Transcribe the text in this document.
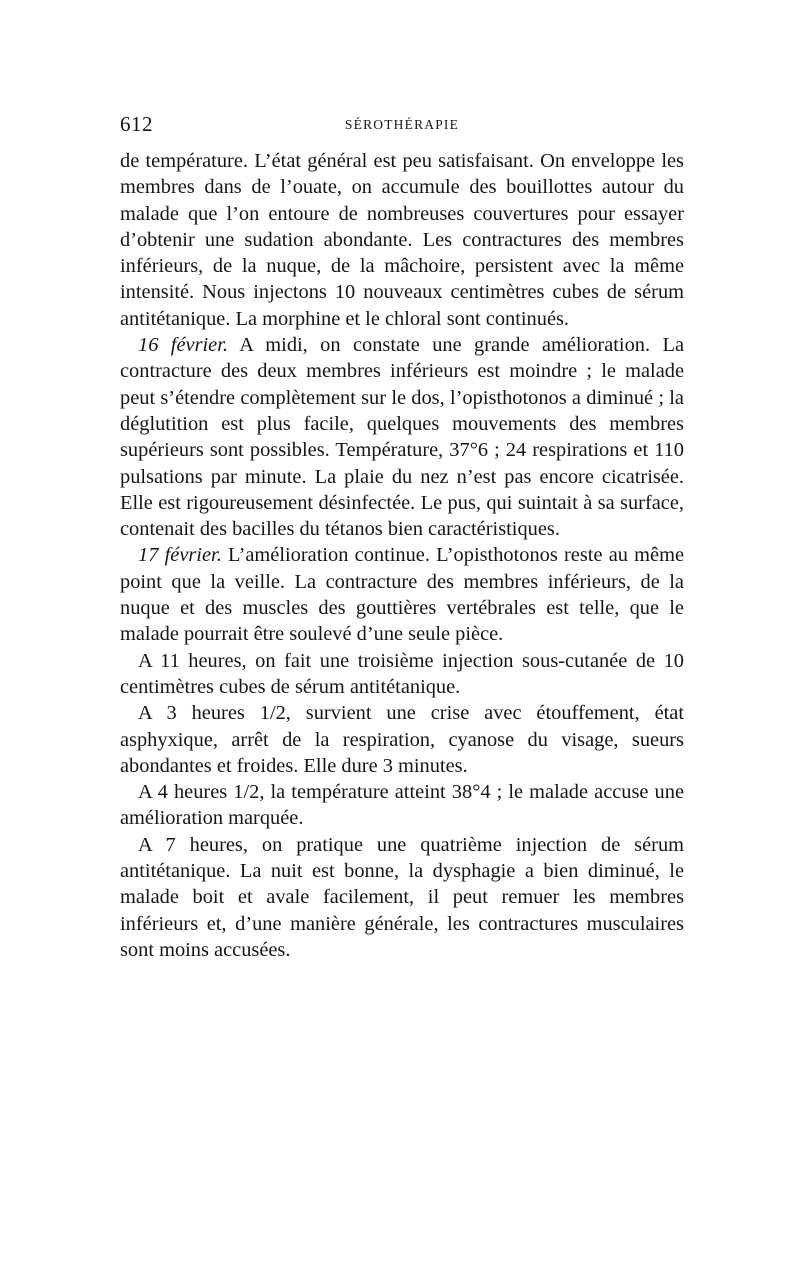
612	SÉROTHÉRAPIE

de température. L’état général est peu satisfaisant. On enveloppe les membres dans de l’ouate, on accumule des bouillottes autour du malade que l’on entoure de nombreuses couvertures pour essayer d’obtenir une sudation abondante. Les contractures des membres inférieurs, de la nuque, de la mâchoire, persistent avec la même intensité. Nous injectons 10 nouveaux centimètres cubes de sérum antitétanique. La morphine et le chloral sont continués.

16 février. A midi, on constate une grande amélioration. La contracture des deux membres inférieurs est moindre ; le malade peut s’étendre complètement sur le dos, l’opisthotonos a diminué ; la déglutition est plus facile, quelques mouvements des membres supérieurs sont possibles. Température, 37°6 ; 24 respirations et 110 pulsations par minute. La plaie du nez n’est pas encore cicatrisée. Elle est rigoureusement désinfectée. Le pus, qui suintait à sa surface, contenait des bacilles du tétanos bien caractéristiques.

17 février. L’amélioration continue. L’opisthotonos reste au même point que la veille. La contracture des membres inférieurs, de la nuque et des muscles des gouttières vertébrales est telle, que le malade pourrait être soulevé d’une seule pièce.

A 11 heures, on fait une troisième injection sous-cutanée de 10 centimètres cubes de sérum antitétanique.

A 3 heures 1/2, survient une crise avec étouffement, état asphyxique, arrêt de la respiration, cyanose du visage, sueurs abondantes et froides. Elle dure 3 minutes.

A 4 heures 1/2, la température atteint 38°4 ; le malade accuse une amélioration marquée.

A 7 heures, on pratique une quatrième injection de sérum antitétanique. La nuit est bonne, la dysphagie a bien diminué, le malade boit et avale facilement, il peut remuer les membres inférieurs et, d’une manière générale, les contractures musculaires sont moins accusées.
